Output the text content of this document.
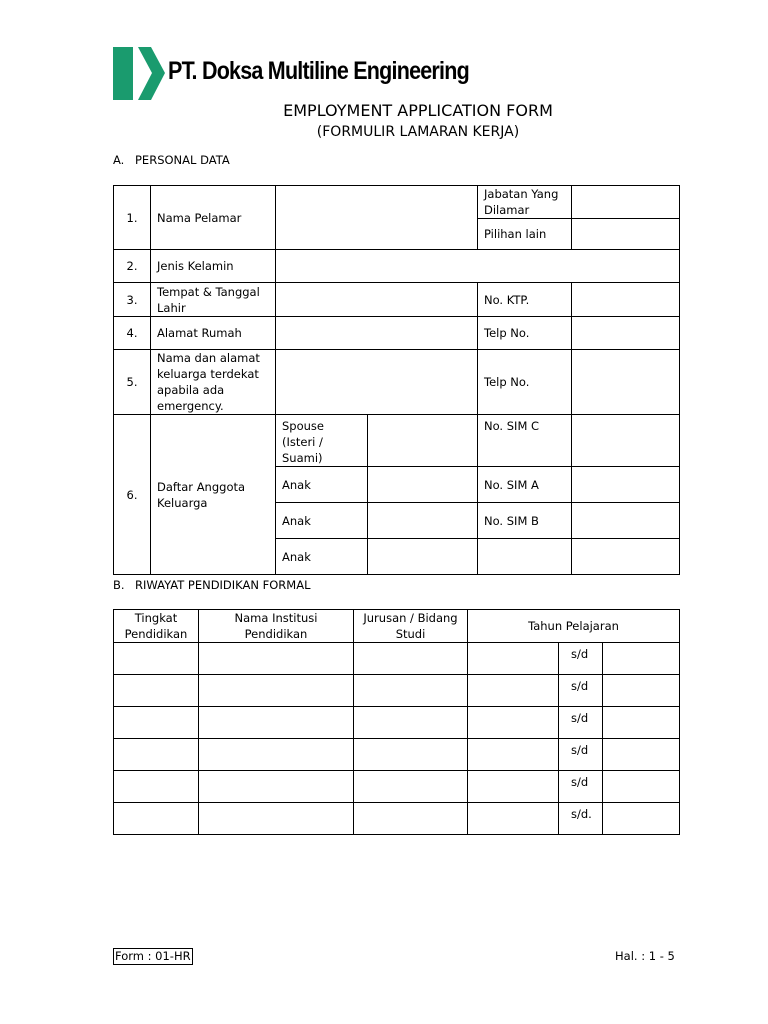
PT. Doksa Multiline Engineering
EMPLOYMENT APPLICATION FORM
(FORMULIR LAMARAN KERJA)
A. PERSONAL DATA
1.	Nama Pelamar			Jabatan Yang Dilamar	
				Pilihan lain	
2.	Jenis Kelamin				
3.	Tempat & Tanggal Lahir			No. KTP.	
4.	Alamat Rumah			Telp No.	
5.	Nama dan alamat keluarga terdekat apabila ada emergency.			Telp No.	
6.	Daftar Anggota Keluarga	Spouse (Isteri / Suami)		No. SIM C	
		Anak		No. SIM A	
		Anak		No. SIM B	
		Anak			
B. RIWAYAT PENDIDIKAN FORMAL
Tingkat Pendidikan	Nama Institusi Pendidikan	Jurusan / Bidang Studi	Tahun Pelajaran		
				s/d	
				s/d	
				s/d	
				s/d	
				s/d	
				s/d.	
Form : 01-HR	Hal. : 1 - 5
